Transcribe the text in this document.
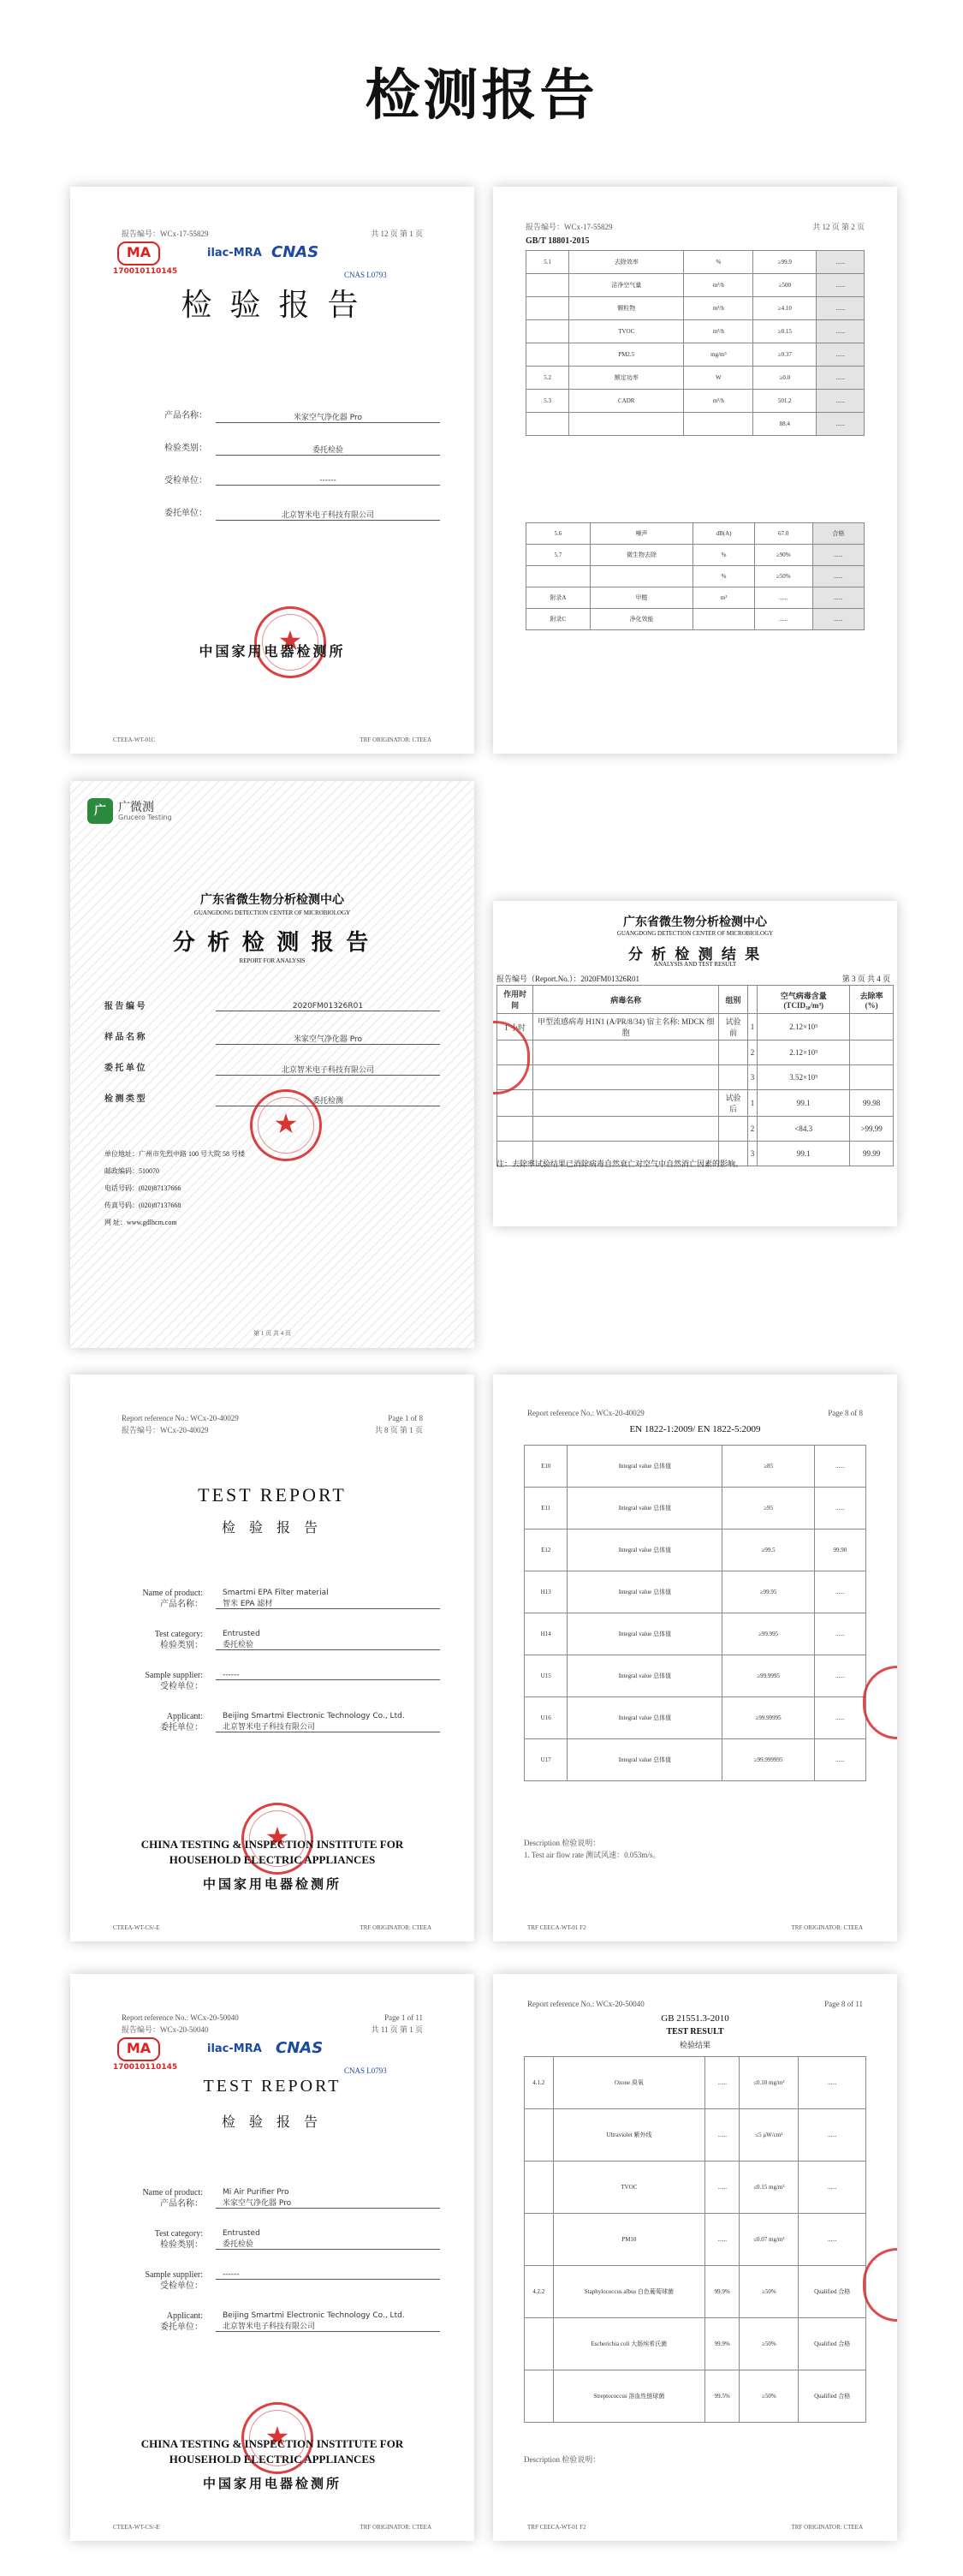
检测报告
报告编号：WCx-17-55829	共 12 页 第 1 页
MA
170010110145
ilac-MRA CNAS
CNAS L0793
检 验 报 告
产品名称：	米家空气净化器 Pro
检验类别：	委托检验
受检单位：	------
委托单位：	北京智米电子科技有限公司
★
中国家用电器检测所
CTEEA-WT-01C	TRF ORIGINATOR: CTEEA
报告编号：WCx-17-55829	共 12 页 第 2 页
GB/T 18801-2015
5.1	去除效率	%	≥99.9	......
	洁净空气量	m³/h	≥500	......
	颗粒物	m³/h	≥4.10	......
	TVOC	m³/h	≥0.15	......
	PM2.5	mg/m³	≥0.37	......
5.2	额定功率	W	≥0.0	......
5.3	CADR	m³/h	501.2	......
			88.4	......
5.6	噪声	dB(A)	67.0	合格
5.7	微生物去除	%	≥90%	......
		%	≥50%	......
附录A	甲醛	m³	......	......
附录C	净化效能		......	......
广	广微测
Grucero Testing
广东省微生物分析检测中心
GUANGDONG DETECTION CENTER OF MICROBIOLOGY
分 析 检 测 报 告
REPORT FOR ANALYSIS
报 告 编 号	2020FM01326R01
样 品 名 称	米家空气净化器 Pro
委 托 单 位	北京智米电子科技有限公司
检 测 类 型	委托检测
★
单位地址：广州市先烈中路 100 号大院 58 号楼
邮政编码：510070
电话号码：(020)87137666
传真号码：(020)87137668
网 址：www.gdlhcm.com
第 1 页 共 4 页
广东省微生物分析检测中心
GUANGDONG DETECTION CENTER OF MICROBIOLOGY
分 析 检 测 结 果
ANALYSIS AND TEST RESULT
报告编号（Report.No.）：2020FM01326R01	第 3 页 共 4 页
作用时间	病毒名称	组别		空气病毒含量 (TCID₅₀/m³)	去除率 (%)
1 小时	甲型流感病毒 H1N1 (A/PR/8/34) 宿主名称: MDCK 细胞	试验前	1	2.12×10⁵	
			2	2.12×10⁵	
			3	3.52×10⁵	
		试验后	1	99.1	99.98
			2	<84.3	>99.99
			3	99.1	99.99
注：去除率试验结果已消除病毒自然衰亡对空气中自然消亡因素的影响。
Report reference No.: WCx-20-40029
报告编号：WCx-20-40029
Page 1 of 8
共 8 页 第 1 页
TEST REPORT
检 验 报 告
Name of product:
产品名称：
Smartmi EPA Filter material
智米 EPA 滤材
Test category:
检验类别：
Entrusted
委托检验
Sample supplier:
受检单位：
------
Applicant:
委托单位：
Beijing Smartmi Electronic Technology Co., Ltd.
北京智米电子科技有限公司
★
CHINA TESTING & INSPECTION INSTITUTE FOR HOUSEHOLD ELECTRIC APPLIANCES
中国家用电器检测所
CTEEA-WT-CS/-E	TRF ORIGINATOR: CTEEA
Report reference No.: WCx-20-40029	Page 8 of 8
EN 1822-1:2009/ EN 1822-5:2009
E10	Integral value 总体值	≥85	......
E11	Integral value 总体值	≥95	......
E12	Integral value 总体值	≥99.5	99.90
H13	Integral value 总体值	≥99.95	......
H14	Integral value 总体值	≥99.995	......
U15	Integral value 总体值	≥99.9995	......
U16	Integral value 总体值	≥99.99995	......
U17	Integral value 总体值	≥99.999995	......
Description 检验说明：
1. Test air flow rate 测试风速：0.053m/s。
TRF CEECA-WT-01 F2	TRF ORIGINATOR: CTEEA
Report reference No.: WCx-20-50040
报告编号：WCx-20-50040
Page 1 of 11
共 11 页 第 1 页
MA
170010110145
ilac-MRA CNAS
CNAS L0793
TEST REPORT
检 验 报 告
Name of product:
产品名称：
Mi Air Purifier Pro
米家空气净化器 Pro
Test category:
检验类别：
Entrusted
委托检验
Sample supplier:
受检单位：
------
Applicant:
委托单位：
Beijing Smartmi Electronic Technology Co., Ltd.
北京智米电子科技有限公司
★
CHINA TESTING & INSPECTION INSTITUTE FOR HOUSEHOLD ELECTRIC APPLIANCES
中国家用电器检测所
CTEEA-WT-CS/-E	TRF ORIGINATOR: CTEEA
Report reference No.: WCx-20-50040	Page 8 of 11
GB 21551.3-2010
TEST RESULT
检验结果
4.1.2	Ozone 臭氧	......	≤0.10 mg/m³	......
	Ultraviolet 紫外线	......	≤5 μW/cm²	......
	TVOC	......	≤0.15 mg/m³	......
	PM10	......	≤0.07 mg/m³	......
4.2.2	Staphylococcus albus 白色葡萄球菌	99.9%	≥50%	Qualified 合格
	Escherichia coli 大肠埃希氏菌	99.9%	≥50%	Qualified 合格
	Streptococcus 溶血性链球菌	99.5%	≥50%	Qualified 合格
Description 检验说明：
TRF CEECA-WT-01 F2	TRF ORIGINATOR: CTEEA
